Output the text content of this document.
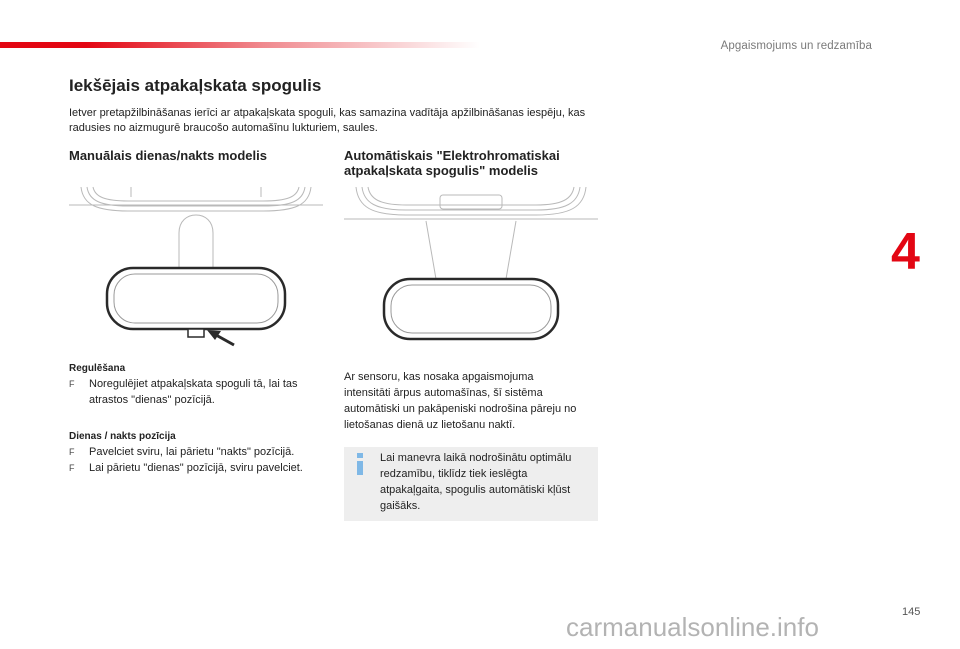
Apgaismojums un redzamība
Iekšējais atpakaļskata spogulis

Ietver pretapžilbināšanas ierīci ar atpakaļskata spoguli, kas samazina vadītāja apžilbināšanas iespēju, kas radusies no aizmugurē braucošo automašīnu lukturiem, saules.

Manuālais dienas/nakts modelis	Automātiskais "Elektrohromatiskai atpakaļskata spogulis" modelis

Regulēšana

F Noregulējiet atpakaļskata spoguli tā, lai tas atrastos "dienas" pozīcijā.

Dienas / nakts pozīcija

F Pavelciet sviru, lai pārietu "nakts" pozīcijā.
F Lai pārietu "dienas" pozīcijā, sviru pavelciet.

Ar sensoru, kas nosaka apgaismojuma intensitāti ārpus automašīnas, šī sistēma automātiski un pakāpeniski nodrošina pāreju no lietošanas dienā uz lietošanu naktī.

Lai manevra laikā nodrošinātu optimālu redzamību, tiklīdz tiek ieslēgta atpakaļgaita, spogulis automātiski kļūst gaišāks.

4
145
carmanualsonline.info
